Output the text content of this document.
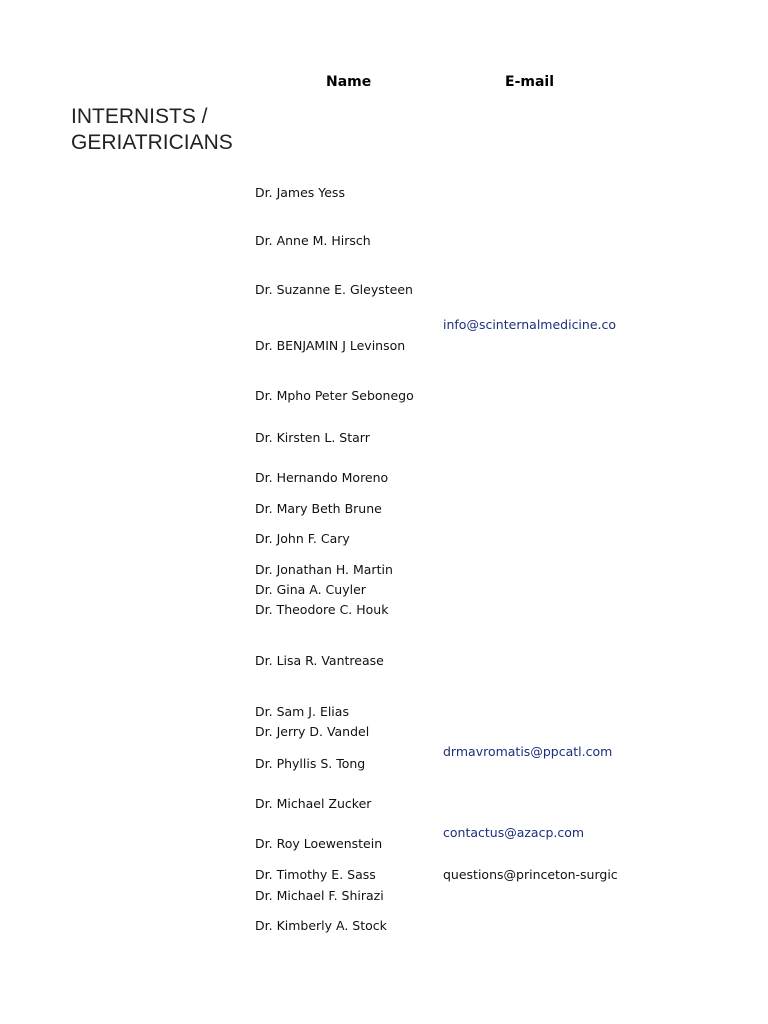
Name	E-mail
INTERNISTS /
GERIATRICIANS
Dr. James Yess
Dr. Anne M. Hirsch
Dr. Suzanne E. Gleysteen
Dr. BENJAMIN J Levinson
Dr. Mpho Peter Sebonego
Dr. Kirsten L. Starr
Dr. Hernando Moreno
Dr. Mary Beth Brune
Dr. John F. Cary
Dr. Jonathan H. Martin
Dr. Gina A. Cuyler
Dr. Theodore C. Houk
Dr. Lisa R. Vantrease
Dr. Sam J. Elias
Dr. Jerry D. Vandel
Dr. Phyllis S. Tong
Dr. Michael Zucker
Dr. Roy Loewenstein
Dr. Timothy E. Sass
Dr. Michael F. Shirazi
Dr. Kimberly A. Stock
info@scinternalmedicine.co
drmavromatis@ppcatl.com
contactus@azacp.com
questions@princeton-surgic
